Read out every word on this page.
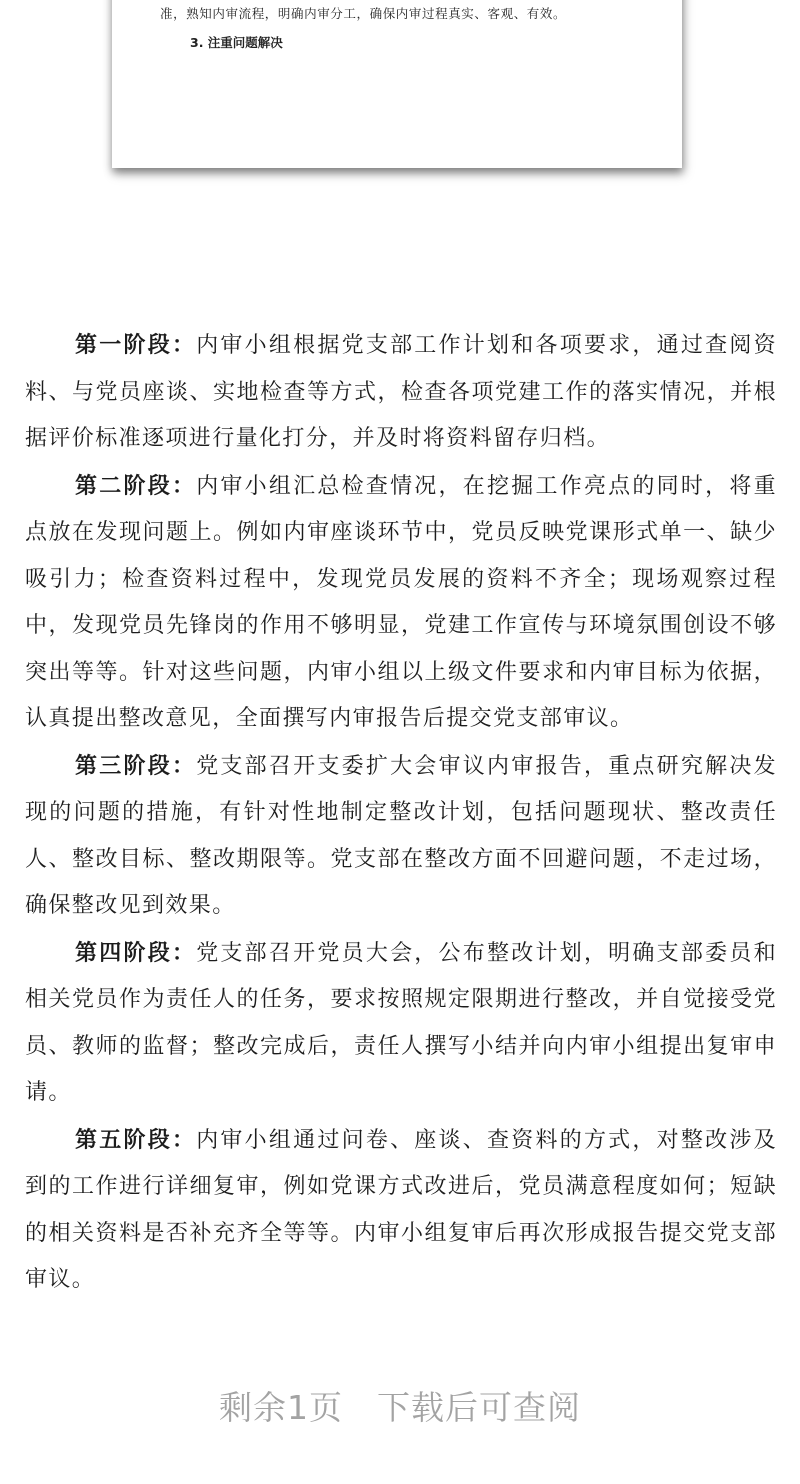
准，熟知内审流程，明确内审分工，确保内审过程真实、客观、有效。
3. 注重问题解决

第一阶段：内审小组根据党支部工作计划和各项要求，通过查阅资料、与党员座谈、实地检查等方式，检查各项党建工作的落实情况，并根据评价标准逐项进行量化打分，并及时将资料留存归档。

第二阶段：内审小组汇总检查情况，在挖掘工作亮点的同时，将重点放在发现问题上。例如内审座谈环节中，党员反映党课形式单一、缺少吸引力；检查资料过程中，发现党员发展的资料不齐全；现场观察过程中，发现党员先锋岗的作用不够明显，党建工作宣传与环境氛围创设不够突出等等。针对这些问题，内审小组以上级文件要求和内审目标为依据，认真提出整改意见，全面撰写内审报告后提交党支部审议。

第三阶段：党支部召开支委扩大会审议内审报告，重点研究解决发现的问题的措施，有针对性地制定整改计划，包括问题现状、整改责任人、整改目标、整改期限等。党支部在整改方面不回避问题，不走过场，确保整改见到效果。

第四阶段：党支部召开党员大会，公布整改计划，明确支部委员和相关党员作为责任人的任务，要求按照规定限期进行整改，并自觉接受党员、教师的监督；整改完成后，责任人撰写小结并向内审小组提出复审申请。

第五阶段：内审小组通过问卷、座谈、查资料的方式，对整改涉及到的工作进行详细复审，例如党课方式改进后，党员满意程度如何；短缺的相关资料是否补充齐全等等。内审小组复审后再次形成报告提交党支部审议。

剩余1页 下载后可查阅
